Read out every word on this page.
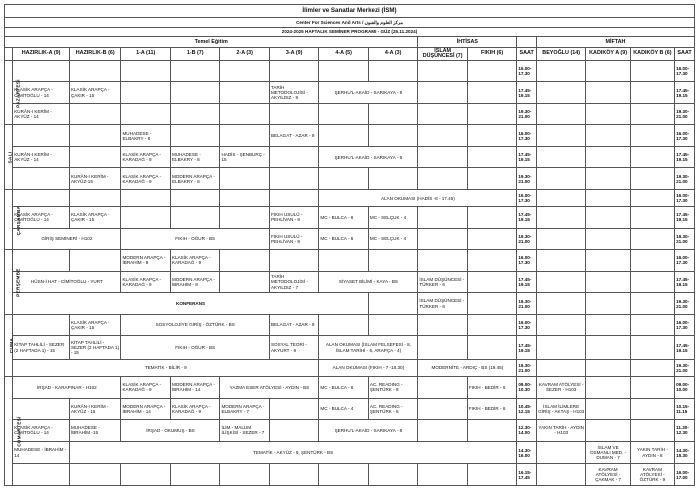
İlimler ve Sanatlar Merkezi (İSM)															
Center For Sciences And Arts / مركز العلوم والفنون															
2024-2025 HAFTALIK SEMİNER PROGRAMI - GÜZ (25.11.2024)															
Temel Eğitim									İHTİSAS			MİFTAH			
	HAZIRLIK-A (9)	HAZIRLIK-B (6)	1-A (11)	1-B (7)	2-A (3)	3-A (9)	4-A (5)	4-A (3)	İSLAM DÜŞÜNCESİ (7)	FIKIH (6)	SAAT	BEYOĞLU (14)	KADIKÖY A (9)	KADIKÖY B (6)	SAAT
PAZARTESİ											16.00-17.30				16.00-17.30
	KLASİK ARAPÇA - CİMİTOĞLU - 14	KLASİK ARAPÇA - ÇAKIR - 15				TARİH METODOLOJİSİ - AKYILDIZ - 9	ŞERHU'L-AKAİD - SARIKAYA - 8				17.45-19.15				17.45-19.15
	KURÂN-I KERÎM - AKYÜZ - 14										19.30-21.00				19.30-21.00
SALI			MUHADESE - ELBAKRY - 8			BELAGAT - AZAR - 9					16.00-17.30				16.00-17.30
	KURÂN-I KERÎM - AKYÜZ - 14		KLASİK ARAPÇA - KARADAĞ - 9	MUHADESE - ELBAKRY - 8	HADİS - ŞENBURÇ - 15		ŞERHU'L-AKAİD - SARIKAYA - 8				17.45-19.15				17.45-19.15
		KURÂN-I KERÎM - AKYÜZ-15	KLASİK ARAPÇA - KARADAĞ - 9	MODERN ARAPÇA - ELBAKRY - 8							19.30-21.00				19.30-21.00
ÇARŞAMBA							ALAN OKUMASI (HADİS -8 - 17.45)				16.00-17.30				16.00-17.30
	KLASİK ARAPÇA - CİMİTOĞLU - 14	KLASİK ARAPÇA - ÇAKIR - 15				FIKIH USULÜ - PEHLİVAN - 9	MC - BULCA - 6	MC - SELÇUK - 4			17.45-19.15				17.45-19.15
	GİRİŞ SEMİNERİ - H102		FIKIH - OĞUR - BS			FIKIH USULÜ - PEHLİVAN - 9	MC - BULCA - 6	MC - SELÇUK - 4			19.30-21.00				19.30-21.00
PERŞEMBE			MODERN ARAPÇA - İBRAHİM - 8	KLASİK ARAPÇA - KARADAĞ - 9							16.00-17.30				16.00-17.30
	HÜSN-İ HAT - CİMİTOĞLU - YURT		KLASİK ARAPÇA - KARADAĞ - 9	MODERN ARAPÇA - İBRAHİM - 8		TARİH METODOLOJİSİ - AKYILDIZ - 7	SİYASET BİLİMİ - KAYA - BS		İSLAM DÜŞÜNCESİ - TÜRKER - 6		17.45-19.15				17.45-19.15
	KONFERANS								İSLAM DÜŞÜNCESİ - TÜRKER - 6		19.30-21.00				19.30-21.00
CUMA		KLASİK ARAPÇA - ÇAKIR - 15	SOSYOLOJİYE GİRİŞ - ÖZTÜRK - BS			BELAGAT - AZAR - 9					16.00-17.30				16.00-17.30
	KİTAP TAHLİLİ - SEZER (2 HAFTADA 1) - 15	KİTAP TAHLİLİ - SEZER (2 HAFTADA 1) - 15	FIKIH - OĞUR - BS			SOSYAL TEORİ - AKYURT - 9	ALAN OKUMASI (İSLAM FELSEFESİ - 8, İSLAM TARİHİ - 6, ARAPÇA - 4)				17.45-19.15				17.45-19.15
	TEMATİK - BİLİR - 9						ALAN OKUMASI (FIKIH - 7 -18.30)		MODERNİTE - ARDIÇ - BS (19.45)		19.30-21.00				19.30-21.00
CUMARTESİ	İRŞAD - KARAPINAR - H102		KLASİK ARAPÇA - KARADAĞ - 9	MODERN ARAPÇA - İBRAHİM - 14	YAZMA ESER ATÖLYESİ - AYDIN - BS		MC - BULCA - 6	AC. READING - ŞENTÜRK - 8		FIKIH - BEDİR - 6	09.00-10.30	KAVRAM ATÖLYESİ - SEZER - H103			09.00-10.00
		KURÂN-I KERÎM - AKYÜZ - 15	MODERN ARAPÇA - İBRAHİM - 14	KLASİK ARAPÇA - KARADAĞ - 9	MODERN ARAPÇA - ELBAKRY - 7		MC - BULCA - 4	AC. READING - ŞENTÜRK - 6		FIKIH - BEDİR - 6	10.45-12.15	İSLAM İLİMLERE GİRİŞ - AKTAŞ - H103			10.15-11.15
	KLASİK ARAPÇA - CİMİTOĞLU - 14	MUHADESE - İBRAHİM -15	İRŞAD - OKUMUŞ - BS		İLİM - MALUM İLİŞKİSİ - SEZER - 7		ŞERHU'L-AKAİD - SARIKAYA - 8				12.30-14.00	YAKIN TARİH - AYDIN - H103			11.30-12.30
	MUHADESE - İBRAHİM - 14	TEMATİK - AKYÜZ - 9, ŞENTÜRK - BS									14.30-16.00		İSLAM VE OSMANLI MED. - DUMAN - 7	YAKIN TARİH - AYDIN - 8	14.30-15.30
											16.15-17.45		KAVRAM ATÖLYESİ - ÇAKMAK - 7	KAVRAM ATÖLYESİ - ÖZTÜRK - 9	16.00-17.00
